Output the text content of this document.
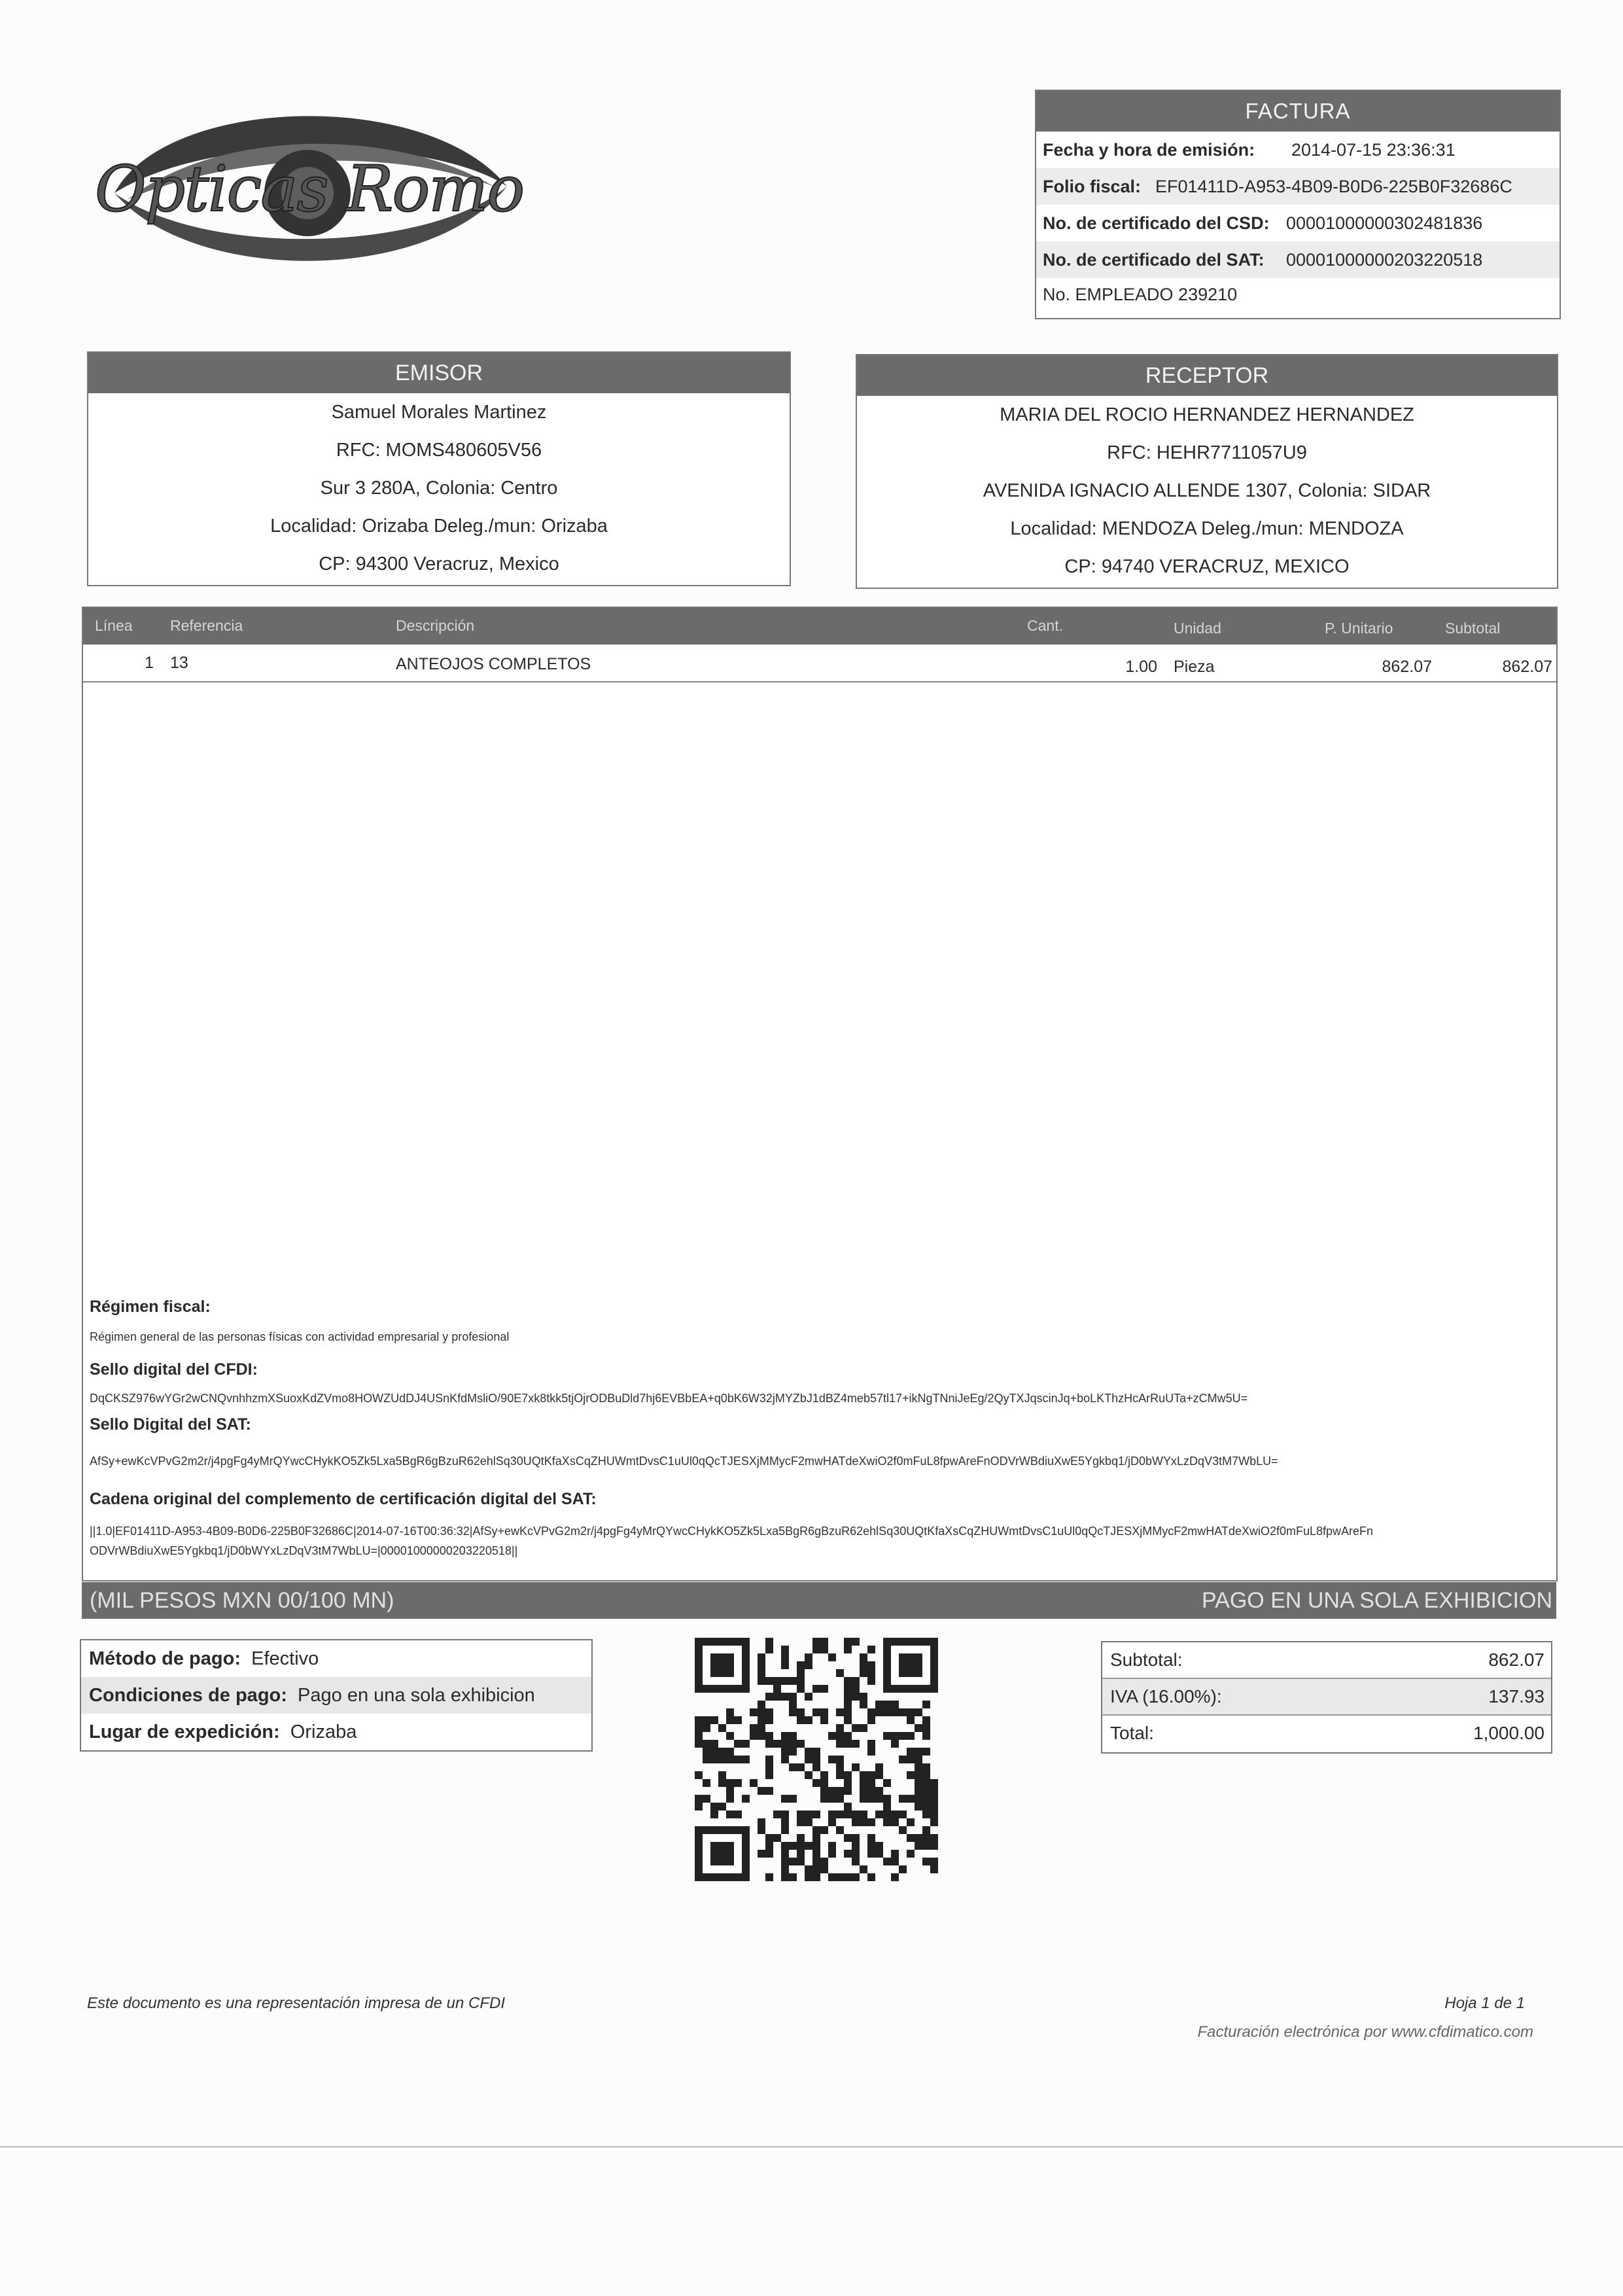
Opticas Romo
FACTURA
Fecha y hora de emisión: 2014-07-15 23:36:31
Folio fiscal: EF01411D-A953-4B09-B0D6-225B0F32686C
No. de certificado del CSD: 00001000000302481836
No. de certificado del SAT: 00001000000203220518
No. EMPLEADO 239210
EMISOR
Samuel Morales Martinez
RFC: MOMS480605V56
Sur 3 280A, Colonia: Centro
Localidad: Orizaba Deleg./mun: Orizaba
CP: 94300 Veracruz, Mexico
RECEPTOR
MARIA DEL ROCIO HERNANDEZ HERNANDEZ
RFC: HEHR7711057U9
AVENIDA IGNACIO ALLENDE 1307, Colonia: SIDAR
Localidad: MENDOZA Deleg./mun: MENDOZA
CP: 94740 VERACRUZ, MEXICO
Línea Referencia	Descripción	Cant.	Unidad	P. Unitario	Subtotal
1 13	ANTEOJOS COMPLETOS	1.00 Pieza	862.07	862.07
Régimen fiscal:
Régimen general de las personas físicas con actividad empresarial y profesional
Sello digital del CFDI:
DqCKSZ976wYGr2wCNQvnhhzmXSuoxKdZVmo8HOWZUdDJ4USnKfdMsliO/90E7xk8tkk5tjOjrODBuDld7hj6EVBbEA+q0bK6W32jMYZbJ1dBZ4meb57tl17+ikNgTNniJeEg/2QyTXJqscinJq+boLKThzHcArRuUTa+zCMw5U=
Sello Digital del SAT:
AfSy+ewKcVPvG2m2r/j4pgFg4yMrQYwcCHykKO5Zk5Lxa5BgR6gBzuR62ehlSq30UQtKfaXsCqZHUWmtDvsC1uUl0qQcTJESXjMMycF2mwHATdeXwiO2f0mFuL8fpwAreFnODVrWBdiuXwE5Ygkbq1/jD0bWYxLzDqV3tM7WbLU=
Cadena original del complemento de certificación digital del SAT:
||1.0|EF01411D-A953-4B09-B0D6-225B0F32686C|2014-07-16T00:36:32|AfSy+ewKcVPvG2m2r/j4pgFg4yMrQYwcCHykKO5Zk5Lxa5BgR6gBzuR62ehlSq30UQtKfaXsCqZHUWmtDvsC1uUl0qQcTJESXjMMycF2mwHATdeXwiO2f0mFuL8fpwAreFn
ODVrWBdiuXwE5Ygkbq1/jD0bWYxLzDqV3tM7WbLU=|00001000000203220518||
(MIL PESOS MXN 00/100 MN)	PAGO EN UNA SOLA EXHIBICION
Método de pago: Efectivo
Condiciones de pago: Pago en una sola exhibicion
Lugar de expedición: Orizaba
Subtotal:	862.07
IVA (16.00%):	137.93
Total:	1,000.00
Este documento es una representación impresa de un CFDI	Hoja 1 de 1
Facturación electrónica por www.cfdimatico.com
